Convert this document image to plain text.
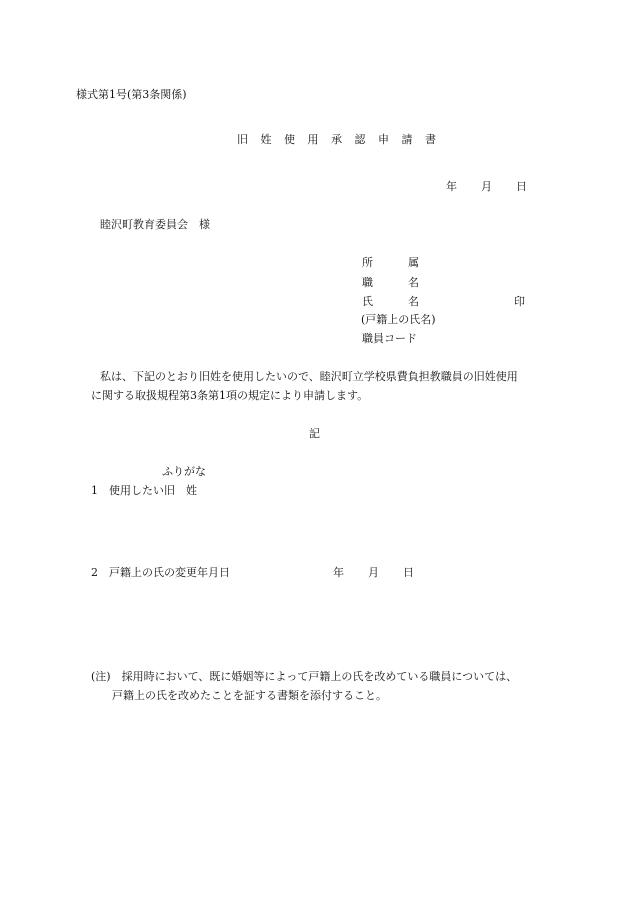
様式第1号(第3条関係)
旧 姓 使 用 承 認 申 請 書
年 月 日
睦沢町教育委員会　様
所	属
職	名
氏	名	印
(戸籍上の氏名)
職員コード
私は、下記のとおり旧姓を使用したいので、睦沢町立学校県費負担教職員の旧姓使用
に関する取扱規程第3条第1項の規定により申請します。
記
ふりがな
1　使用したい旧　姓
2　戸籍上の氏の変更年月日	年 月 日
(注)　採用時において、既に婚姻等によって戸籍上の氏を改めている職員については、
戸籍上の氏を改めたことを証する書類を添付すること。
